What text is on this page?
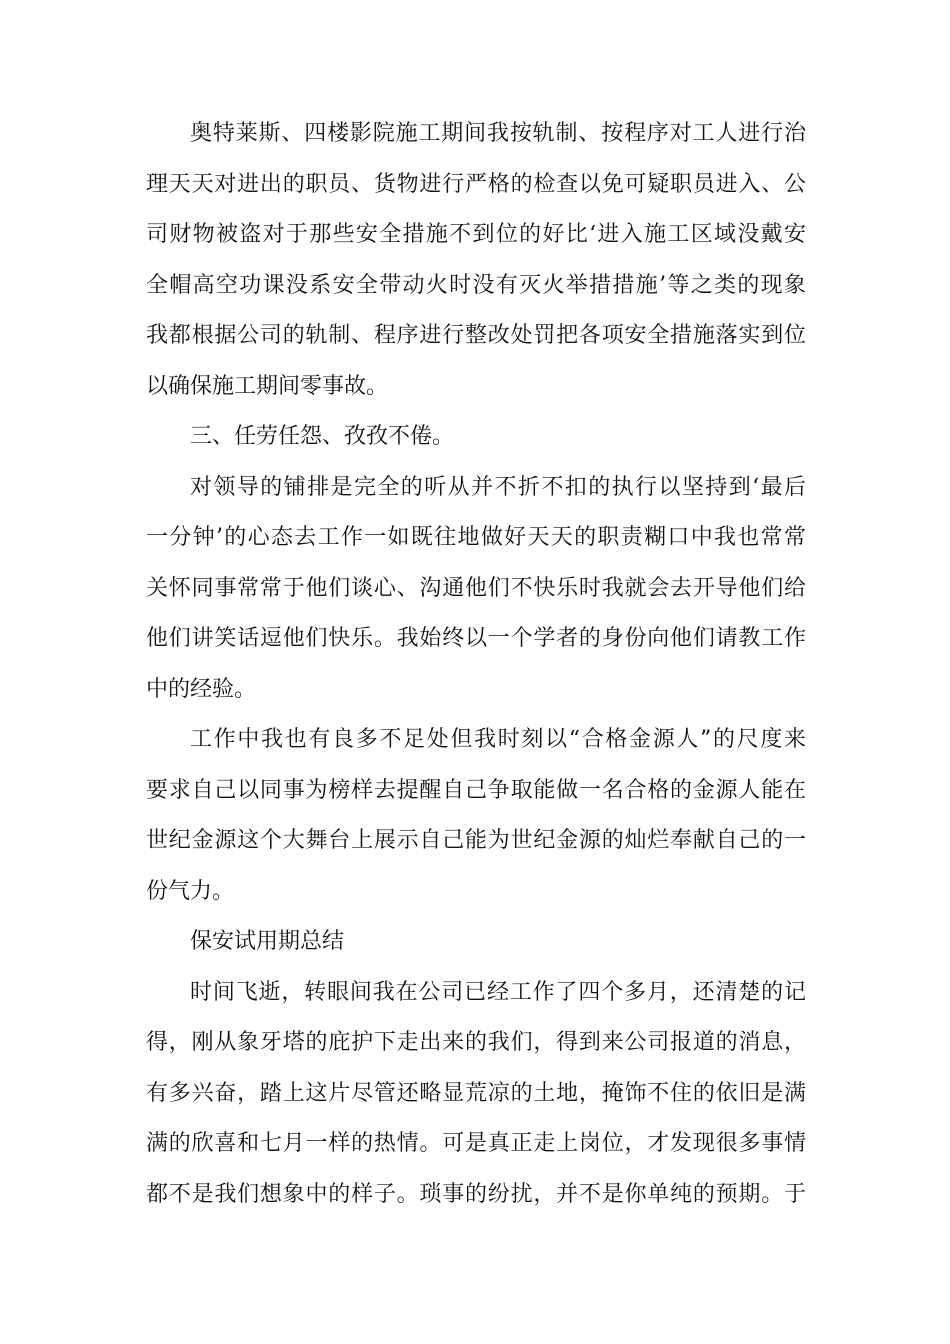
奥特莱斯、四楼影院施工期间我按轨制、按程序对工人进行治
理天天对进出的职员、货物进行严格的检查以免可疑职员进入、公
司财物被盗对于那些安全措施不到位的好比‘进入施工区域没戴安
全帽高空功课没系安全带动火时没有灭火举措措施’等之类的现象
我都根据公司的轨制、程序进行整改处罚把各项安全措施落实到位
以确保施工期间零事故。
三、任劳任怨、孜孜不倦。
对领导的铺排是完全的听从并不折不扣的执行以坚持到‘最后
一分钟’的心态去工作一如既往地做好天天的职责糊口中我也常常
关怀同事常常于他们谈心、沟通他们不快乐时我就会去开导他们给
他们讲笑话逗他们快乐。我始终以一个学者的身份向他们请教工作
中的经验。
工作中我也有良多不足处但我时刻以“合格金源人”的尺度来
要求自己以同事为榜样去提醒自己争取能做一名合格的金源人能在
世纪金源这个大舞台上展示自己能为世纪金源的灿烂奉献自己的一
份气力。
保安试用期总结
时间飞逝，转眼间我在公司已经工作了四个多月，还清楚的记
得，刚从象牙塔的庇护下走出来的我们，得到来公司报道的消息，
有多兴奋，踏上这片尽管还略显荒凉的土地，掩饰不住的依旧是满
满的欣喜和七月一样的热情。可是真正走上岗位，才发现很多事情
都不是我们想象中的样子。琐事的纷扰，并不是你单纯的预期。于
